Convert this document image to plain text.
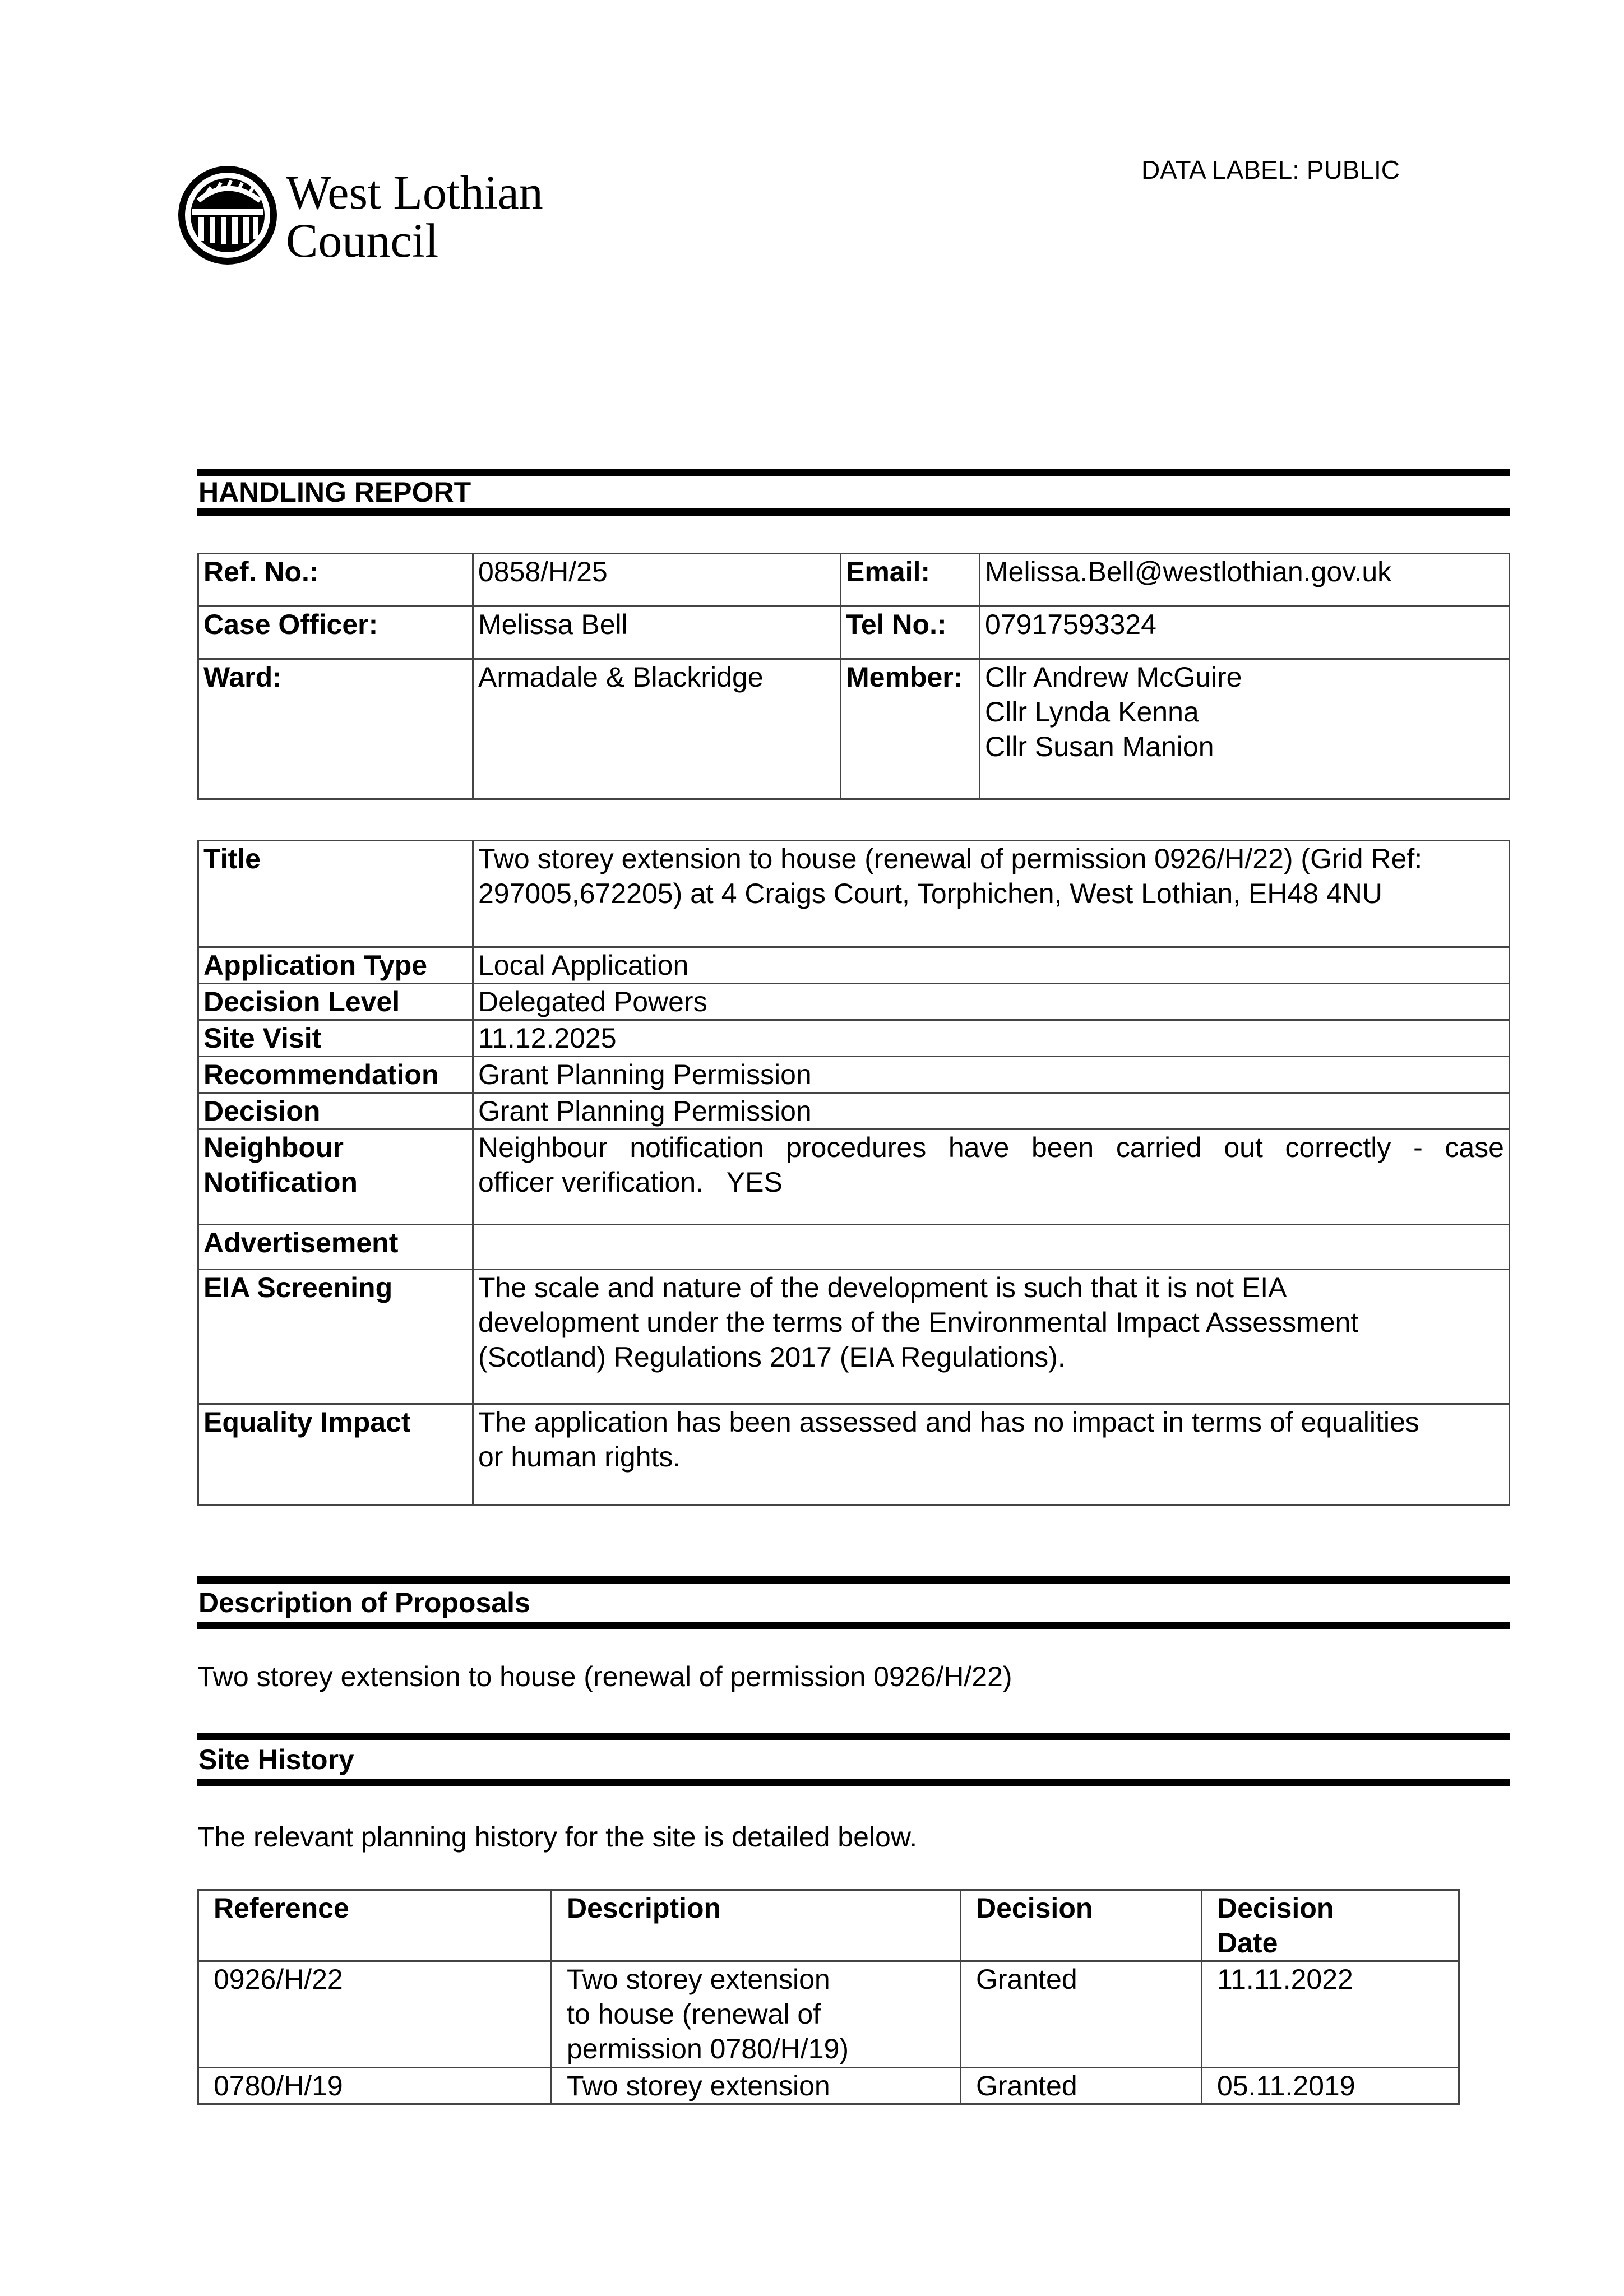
West Lothian
Council
DATA LABEL: PUBLIC
HANDLING REPORT
Ref. No.:	0858/H/25	Email:	Melissa.Bell@westlothian.gov.uk
Case Officer:	Melissa Bell	Tel No.:	07917593324
Ward:	Armadale & Blackridge	Member:	Cllr Andrew McGuire
Cllr Lynda Kenna
Cllr Susan Manion
Title	Two storey extension to house (renewal of permission 0926/H/22) (Grid Ref:
297005,672205) at 4 Craigs Court, Torphichen, West Lothian, EH48 4NU

Application Type	Local Application
Decision Level	Delegated Powers
Site Visit	11.12.2025
Recommendation	Grant Planning Permission
Decision	Grant Planning Permission

Neighbour
Notification	Neighbour notification procedures have been carried out correctly - case
officer verification.   YES

Advertisement	
EIA Screening	The scale and nature of the development is such that it is not EIA
development under the terms of the Environmental Impact Assessment
(Scotland) Regulations 2017 (EIA Regulations).

Equality Impact	The application has been assessed and has no impact in terms of equalities
or human rights.
Description of Proposals
Two storey extension to house (renewal of permission 0926/H/22)
Site History
The relevant planning history for the site is detailed below.
Reference	Description	Decision	Decision
Date

0926/H/22	Two storey extension
to house (renewal of
permission 0780/H/19)	Granted	11.11.2022
0780/H/19	Two storey extension	Granted	05.11.2019
